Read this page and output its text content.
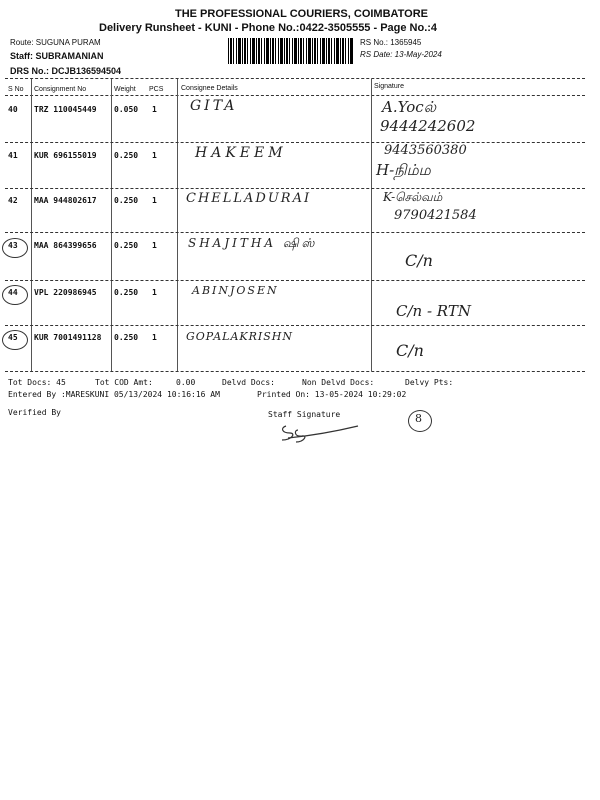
THE PROFESSIONAL COURIERS, COIMBATORE
Delivery Runsheet - KUNI - Phone No.:0422-3505555 - Page No.:4
Route: SUGUNA PURAM
Staff: SUBRAMANIAN
DRS No.: DCJB136594504
RS No.: 1365945
RS Date: 13-May-2024
S No Consignment No	Weight PCS	Consignee Details	Signature
40 TRZ 110045449 0.050 1 GITA	A.Yocல்
9444242602
41 KUR 696155019 0.250 1	HAKEEM	9443560380
H-நிம்ம
42 MAA 944802617 0.250 1 CHELLADURAI	K-செல்வம்
9790421584
43 MAA 864399656 0.250 1	SHAJITHA ஷிஸ்
C/n
44 VPL 220986945 0.250 1	ABINJOSEN
C/n - RTN
45 KUR 7001491128 0.250 1	GOPALAKRISHN
C/n
Tot Docs: 45	Tot COD Amt:	0.00	Delvd Docs:	Non Delvd Docs:	Delvy Pts:
Entered By :MARESKUNI 05/13/2024 10:16:16 AM	Printed On: 13-05-2024 10:29:02
Verified By	Staff Signature	8
